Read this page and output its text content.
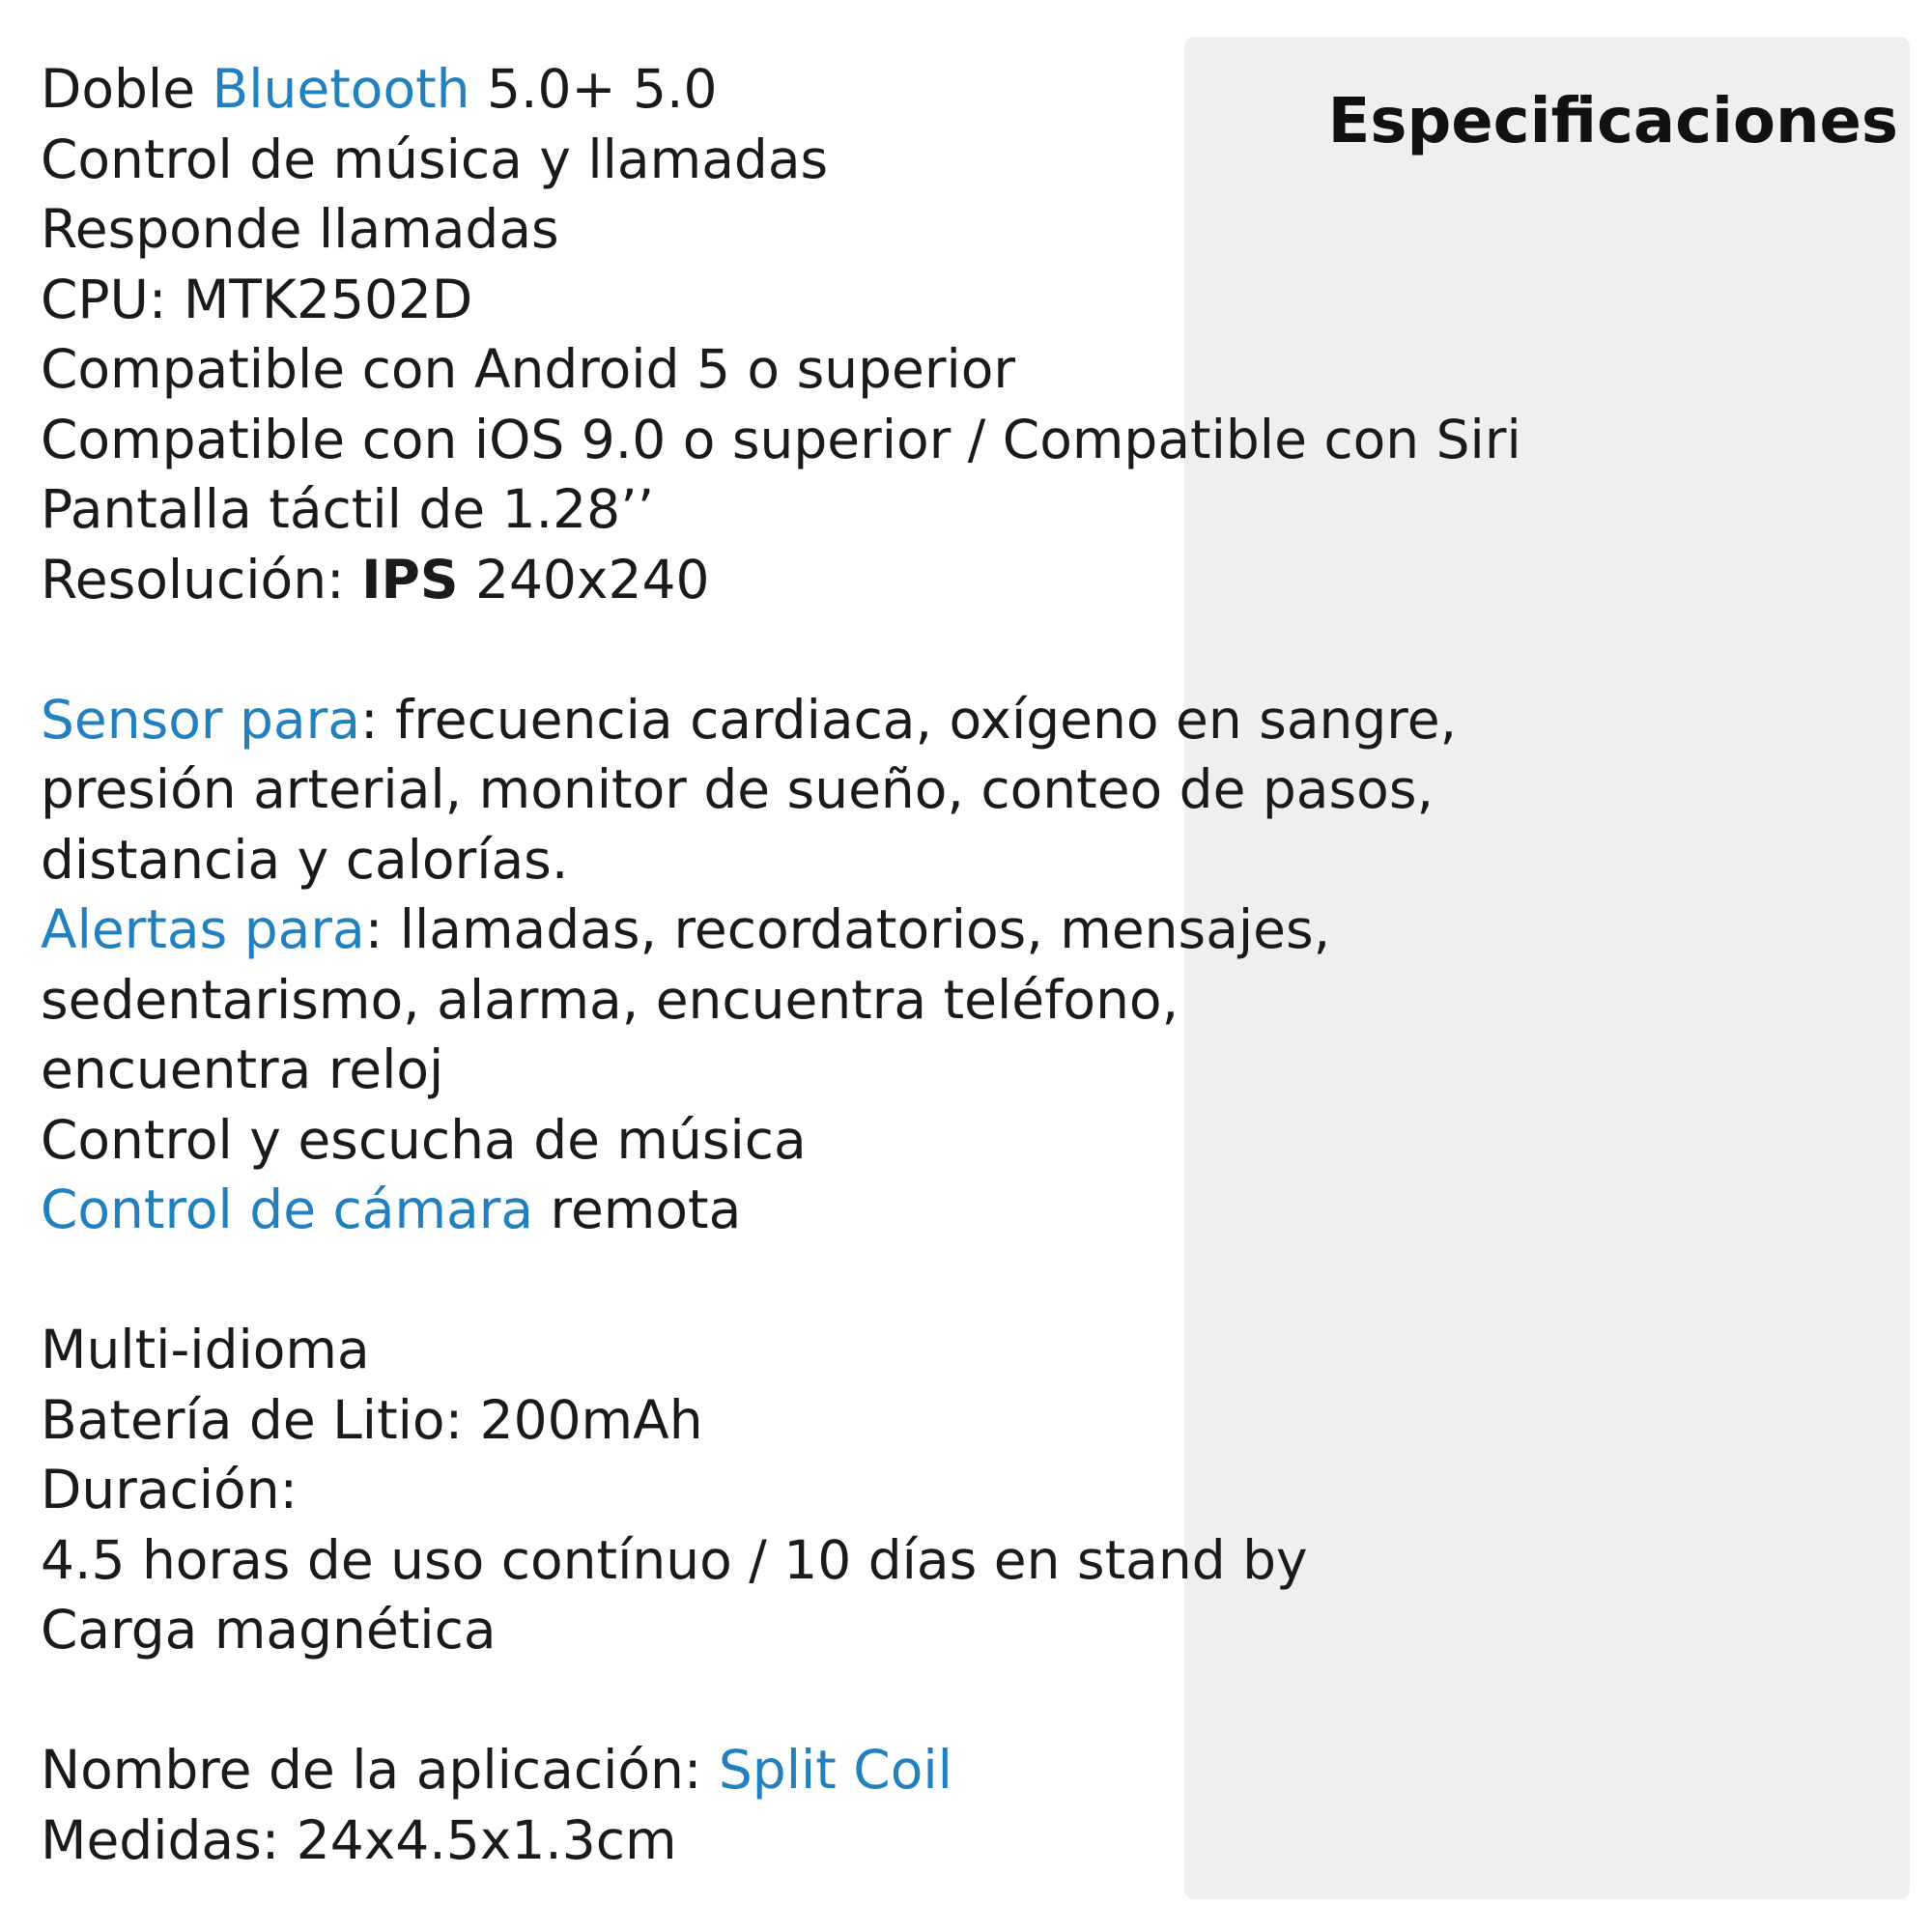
Especificaciones
Doble Bluetooth 5.0+ 5.0
Control de música y llamadas
Responde llamadas
CPU: MTK2502D
Compatible con Android 5 o superior
Compatible con iOS 9.0 o superior / Compatible con Siri
Pantalla táctil de 1.28’’
Resolución: IPS 240x240
Sensor para: frecuencia cardiaca, oxígeno en sangre,
presión arterial, monitor de sueño, conteo de pasos,
distancia y calorías.
Alertas para: llamadas, recordatorios, mensajes,
sedentarismo, alarma, encuentra teléfono,
encuentra reloj
Control y escucha de música
Control de cámara remota
Multi-idioma
Batería de Litio: 200mAh
Duración:
4.5 horas de uso contínuo / 10 días en stand by
Carga magnética
Nombre de la aplicación: Split Coil
Medidas: 24x4.5x1.3cm
